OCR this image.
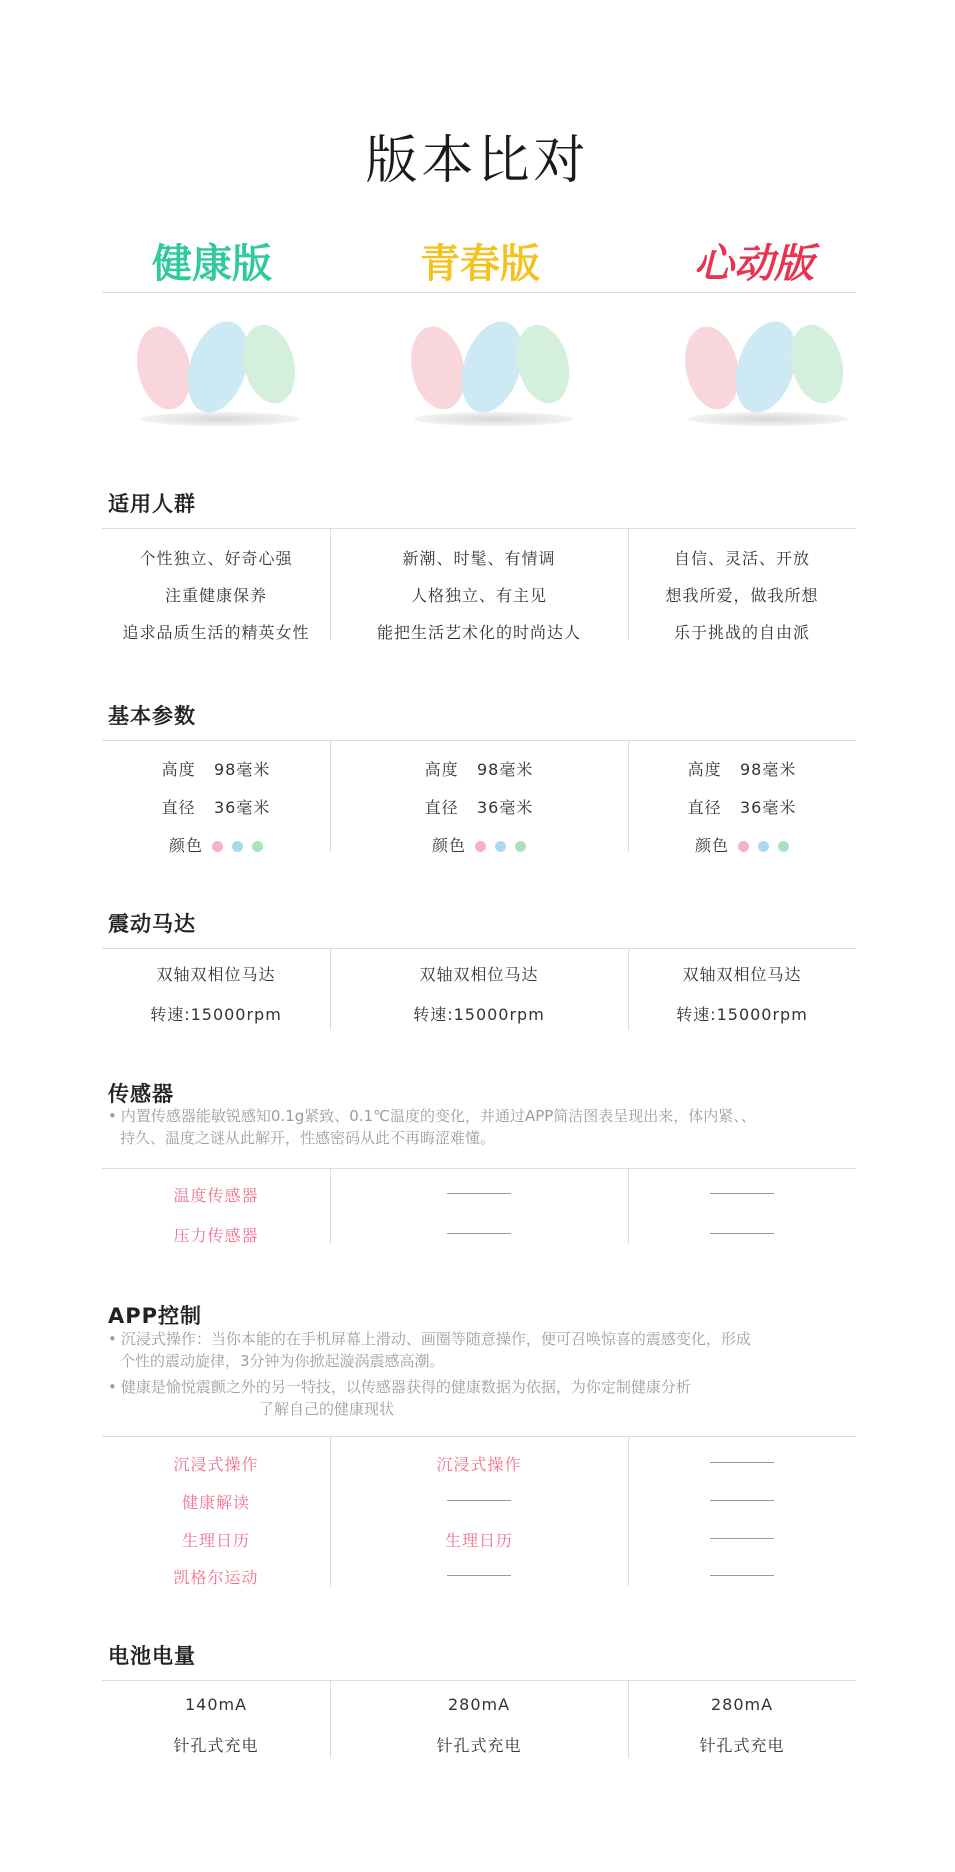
版本比对
健康版	青春版	心动版
适用人群
个性独立、好奇心强
注重健康保养
追求品质生活的精英女性
新潮、时髦、有情调
人格独立、有主见
能把生活艺术化的时尚达人
自信、灵活、开放
想我所爱，做我所想
乐于挑战的自由派
基本参数
高度 98毫米
直径 36毫米
颜色
高度 98毫米
直径 36毫米
颜色
高度 98毫米
直径 36毫米
颜色
震动马达
双轴双相位马达
转速:15000rpm
双轴双相位马达
转速:15000rpm
双轴双相位马达
转速:15000rpm
传感器
• 内置传感器能敏锐感知0.1g紧致、0.1℃温度的变化，并通过APP简洁图表呈现出来，体内紧、、
持久、温度之谜从此解开，性感密码从此不再晦涩难懂。
温度传感器
压力传感器
APP控制
• 沉浸式操作：当你本能的在手机屏幕上滑动、画圈等随意操作，便可召唤惊喜的震感变化，形成
个性的震动旋律，3分钟为你掀起漩涡震感高潮。
• 健康是愉悦震颤之外的另一特技，以传感器获得的健康数据为依据，为你定制健康分析
了解自己的健康现状
沉浸式操作
健康解读
生理日历
凯格尔运动
沉浸式操作
生理日历
电池电量
140mA
针孔式充电
280mA
针孔式充电
280mA
针孔式充电
